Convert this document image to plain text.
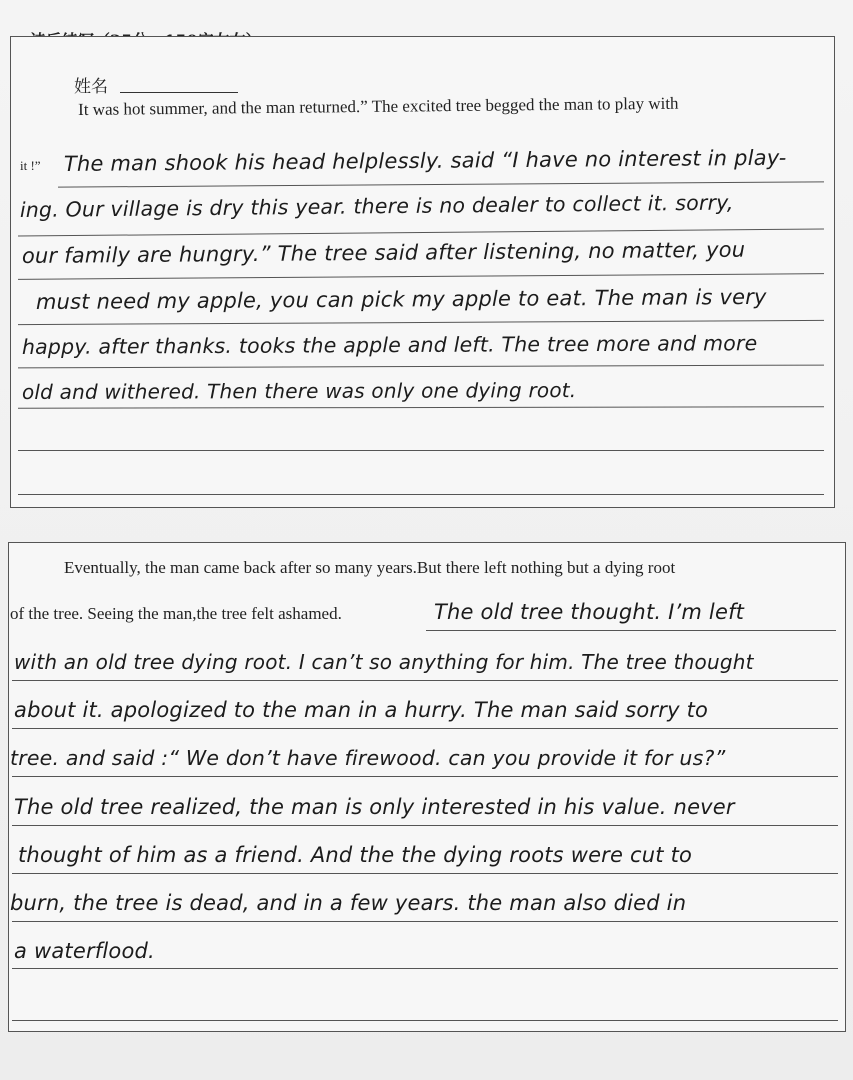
姓名
It was hot summer, and the man returned.” The excited tree begged the man to play with
it !” The man shook his head helplessly. said “I have no interest in play-
ing. Our village is dry this year. there is no dealer to collect it. sorry,
our family are hungry.” The tree said after listening, no matter, you
must need my apple, you can pick my apple to eat. The man is very
happy. after thanks. tooks the apple and left. The tree more and more
old and withered. Then there was only one dying root.
Eventually, the man came back after so many years.But there left nothing but a dying root
of the tree. Seeing the man,the tree felt ashamed.	The old tree thought. I’m left
with an old tree dying root. I can’t so anything for him. The tree thought
about it. apologized to the man in a hurry. The man said sorry to
tree. and said :“ We don’t have firewood. can you provide it for us?”
The old tree realized, the man is only interested in his value. never
thought of him as a friend. And the the dying roots were cut to
burn, the tree is dead, and in a few years. the man also died in
a waterflood.
